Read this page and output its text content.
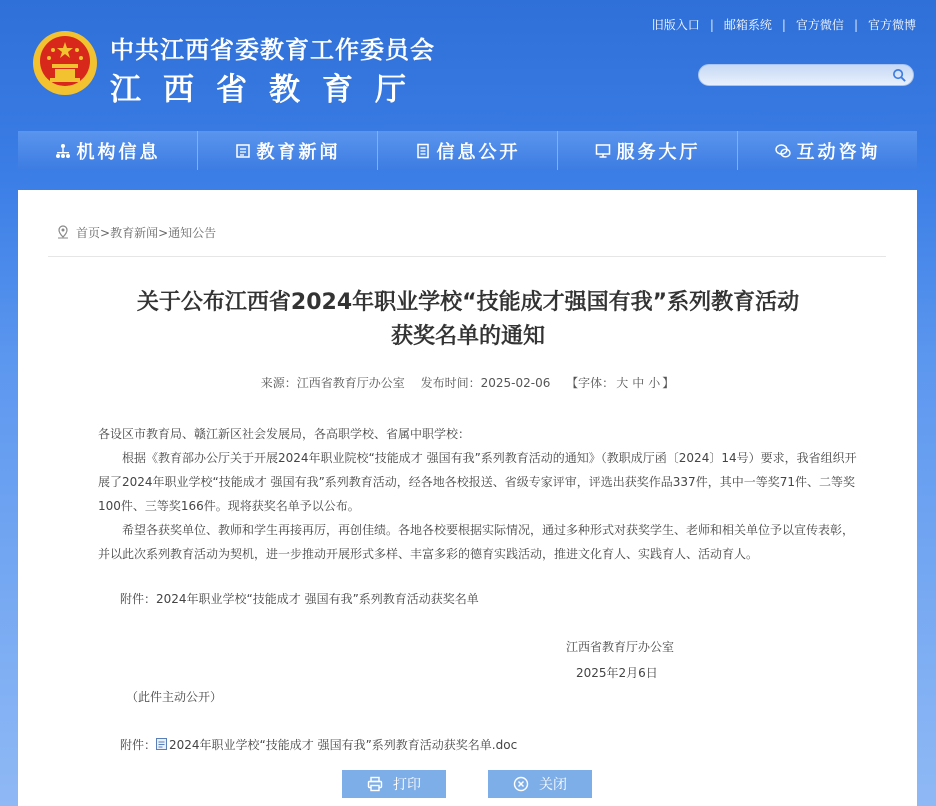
中共江西省委教育工作委员会
江西省教育厅
旧版入口 | 邮箱系统 | 官方微信 | 官方微博
机构信息	教育新闻	信息公开	服务大厅	互动咨询
首页>教育新闻>通知公告
关于公布江西省2024年职业学校“技能成才强国有我”系列教育活动
获奖名单的通知
来源：江西省教育厅办公室 发布时间：2025-02-06 【字体： 大 中 小 】

各设区市教育局、赣江新区社会发展局，各高职学校、省属中职学校：

根据《教育部办公厅关于开展2024年职业院校“技能成才 强国有我”系列教育活动的通知》（教职成厅函〔2024〕14号）要求，我省组织开展了2024年职业学校“技能成才 强国有我”系列教育活动，经各地各校报送、省级专家评审，评选出获奖作品337件，其中一等奖71件、二等奖100件、三等奖166件。现将获奖名单予以公布。

希望各获奖单位、教师和学生再接再厉，再创佳绩。各地各校要根据实际情况，通过多种形式对获奖学生、老师和相关单位予以宣传表彰，并以此次系列教育活动为契机，进一步推动开展形式多样、丰富多彩的德育实践活动，推进文化育人、实践育人、活动育人。

附件：2024年职业学校“技能成才 强国有我”系列教育活动获奖名单
江西省教育厅办公室
2025年2月6日
（此件主动公开）
附件： 2024年职业学校“技能成才 强国有我”系列教育活动获奖名单.doc
打印	关闭
